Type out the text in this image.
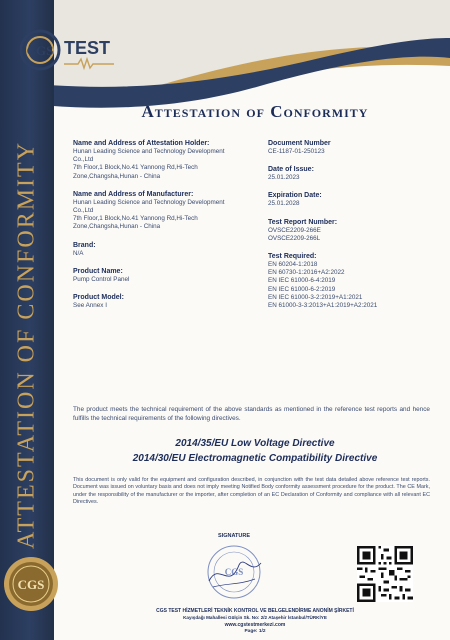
ATTESTATION OF CONFORMITY
CGS TEST
Attestation of Conformity
Name and Address of Attestation Holder:
Hunan Leading Science and Technology Development
Co.,Ltd
7th Floor,1 Block,No.41 Yannong Rd,Hi-Tech
Zone,Changsha,Hunan - China
Name and Address of Manufacturer:
Hunan Leading Science and Technology Development
Co.,Ltd
7th Floor,1 Block,No.41 Yannong Rd,Hi-Tech
Zone,Changsha,Hunan - China
Brand:
N/A
Product Name:
Pump Control Panel
Product Model:
See Annex I
Document Number
CE-1187-01-250123
Date of Issue:
25.01.2023
Expiration Date:
25.01.2028
Test Report Number:
OVSCE2209-266E
OVSCE2209-266L
Test Required:
EN 60204-1:2018
EN 60730-1:2016+A2:2022
EN IEC 61000-6-4:2019
EN IEC 61000-6-2:2019
EN IEC 61000-3-2:2019+A1:2021
EN 61000-3-3:2013+A1:2019+A2:2021
The product meets the technical requirement of the above standards as mentioned in the reference test reports and hence fulfills the technical requirements of the following directives.
2014/35/EU Low Voltage Directive
2014/30/EU Electromagnetic Compatibility Directive
This document is only valid for the equipment and configuration described, in conjunction with the test data detailed above reference test reports. Document was issued on voluntary basis and does not imply meeting Notified Body conformity assessment procedure for the product. The CE Mark, under the responsibility of the manufacturer or the importer, after completion of an EC Declaration of Conformity and compliance with all relevant EC Directives.
SIGNATURE
CGS
CGS
CGS TEST HİZMETLERİ TEKNİK KONTROL VE BELGELENDİRME ANONİM ŞİRKETİ
Kayışdağı Mahallesi Gülçin Sk. No: 2/2 Ataşehir İstanbul/TÜRKİYE
www.cgstestmerkezi.com
Page: 1/2
